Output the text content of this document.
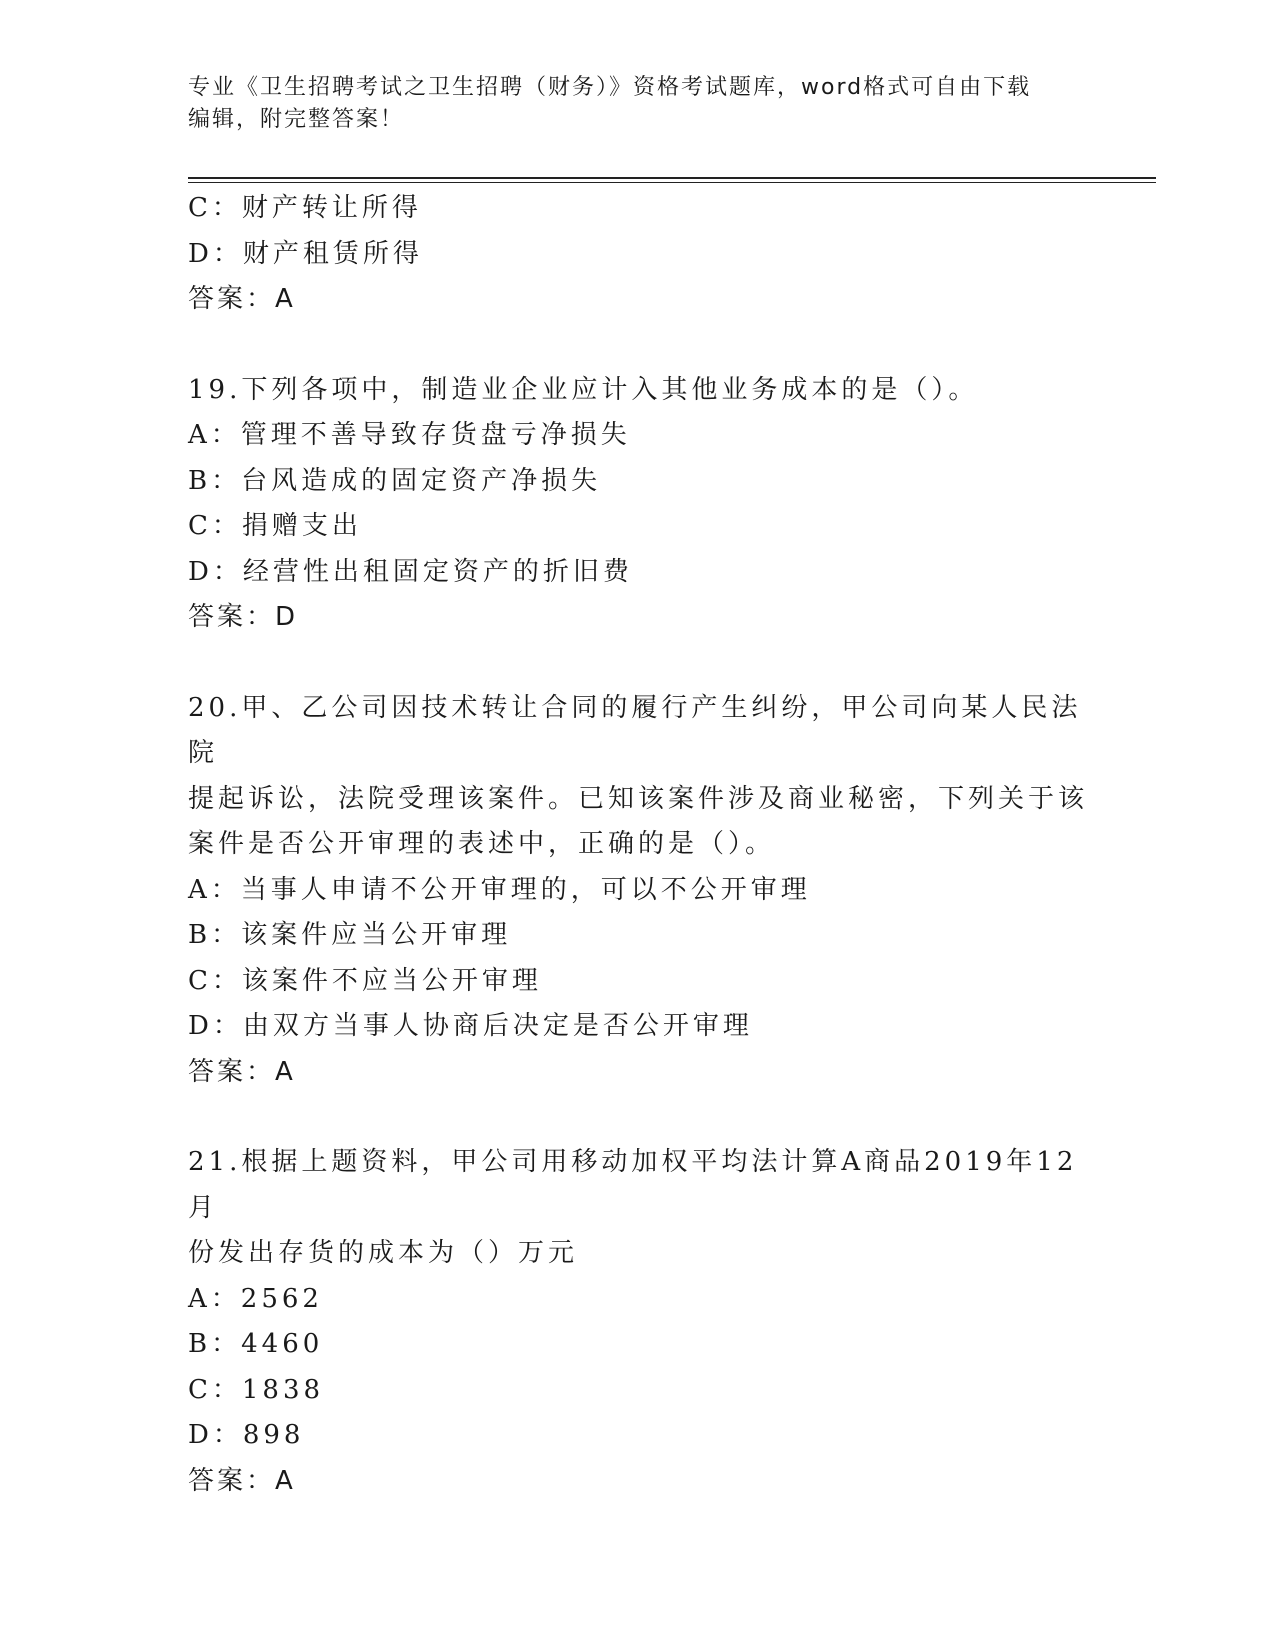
专业《卫生招聘考试之卫生招聘（财务）》资格考试题库，word格式可自由下载
编辑，附完整答案！
C：财产转让所得
D：财产租赁所得
答案：A
19.下列各项中，制造业企业应计入其他业务成本的是（）。
A：管理不善导致存货盘亏净损失
B：台风造成的固定资产净损失
C：捐赠支出
D：经营性出租固定资产的折旧费
答案：D
20.甲、乙公司因技术转让合同的履行产生纠纷，甲公司向某人民法院
提起诉讼，法院受理该案件。已知该案件涉及商业秘密，下列关于该
案件是否公开审理的表述中，正确的是（）。
A：当事人申请不公开审理的，可以不公开审理
B：该案件应当公开审理
C：该案件不应当公开审理
D：由双方当事人协商后决定是否公开审理
答案：A
21.根据上题资料，甲公司用移动加权平均法计算A商品2019年12月
份发出存货的成本为（）万元
A：2562
B：4460
C：1838
D：898
答案：A
